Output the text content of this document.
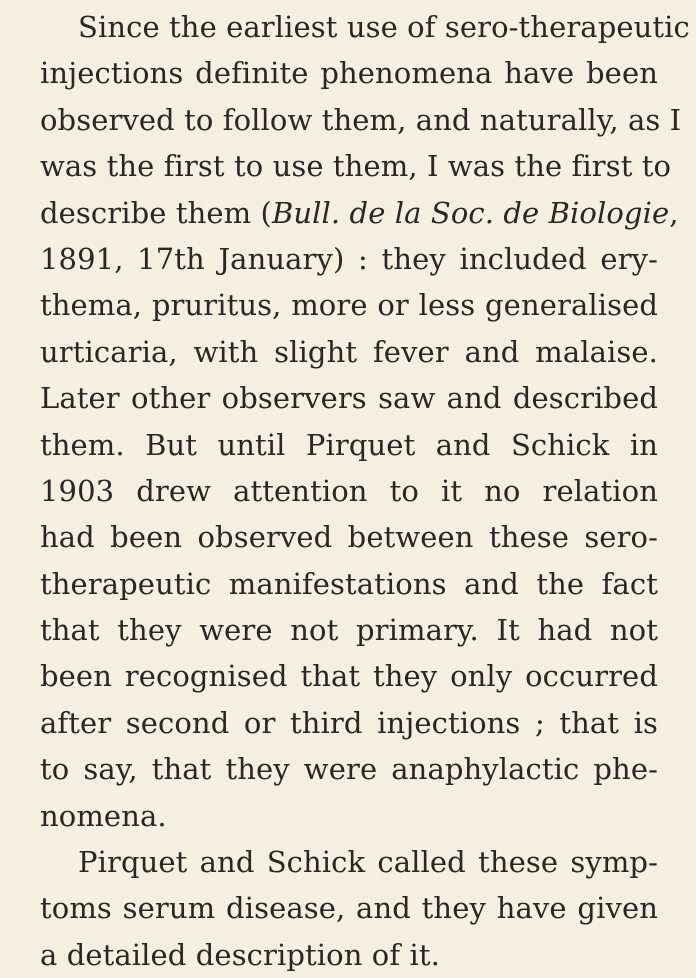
Since the earliest use of sero-therapeutic
injections definite phenomena have been
observed to follow them, and naturally, as I
was the first to use them, I was the first to
describe them (Bull. de la Soc. de Biologie,
1891, 17th January) : they included ery-
thema, pruritus, more or less generalised
urticaria, with slight fever and malaise.
Later other observers saw and described
them. But until Pirquet and Schick in
1903 drew attention to it no relation
had been observed between these sero-
therapeutic manifestations and the fact
that they were not primary. It had not
been recognised that they only occurred
after second or third injections ; that is
to say, that they were anaphylactic phe-
nomena.
Pirquet and Schick called these symp-
toms serum disease, and they have given
a detailed description of it.
